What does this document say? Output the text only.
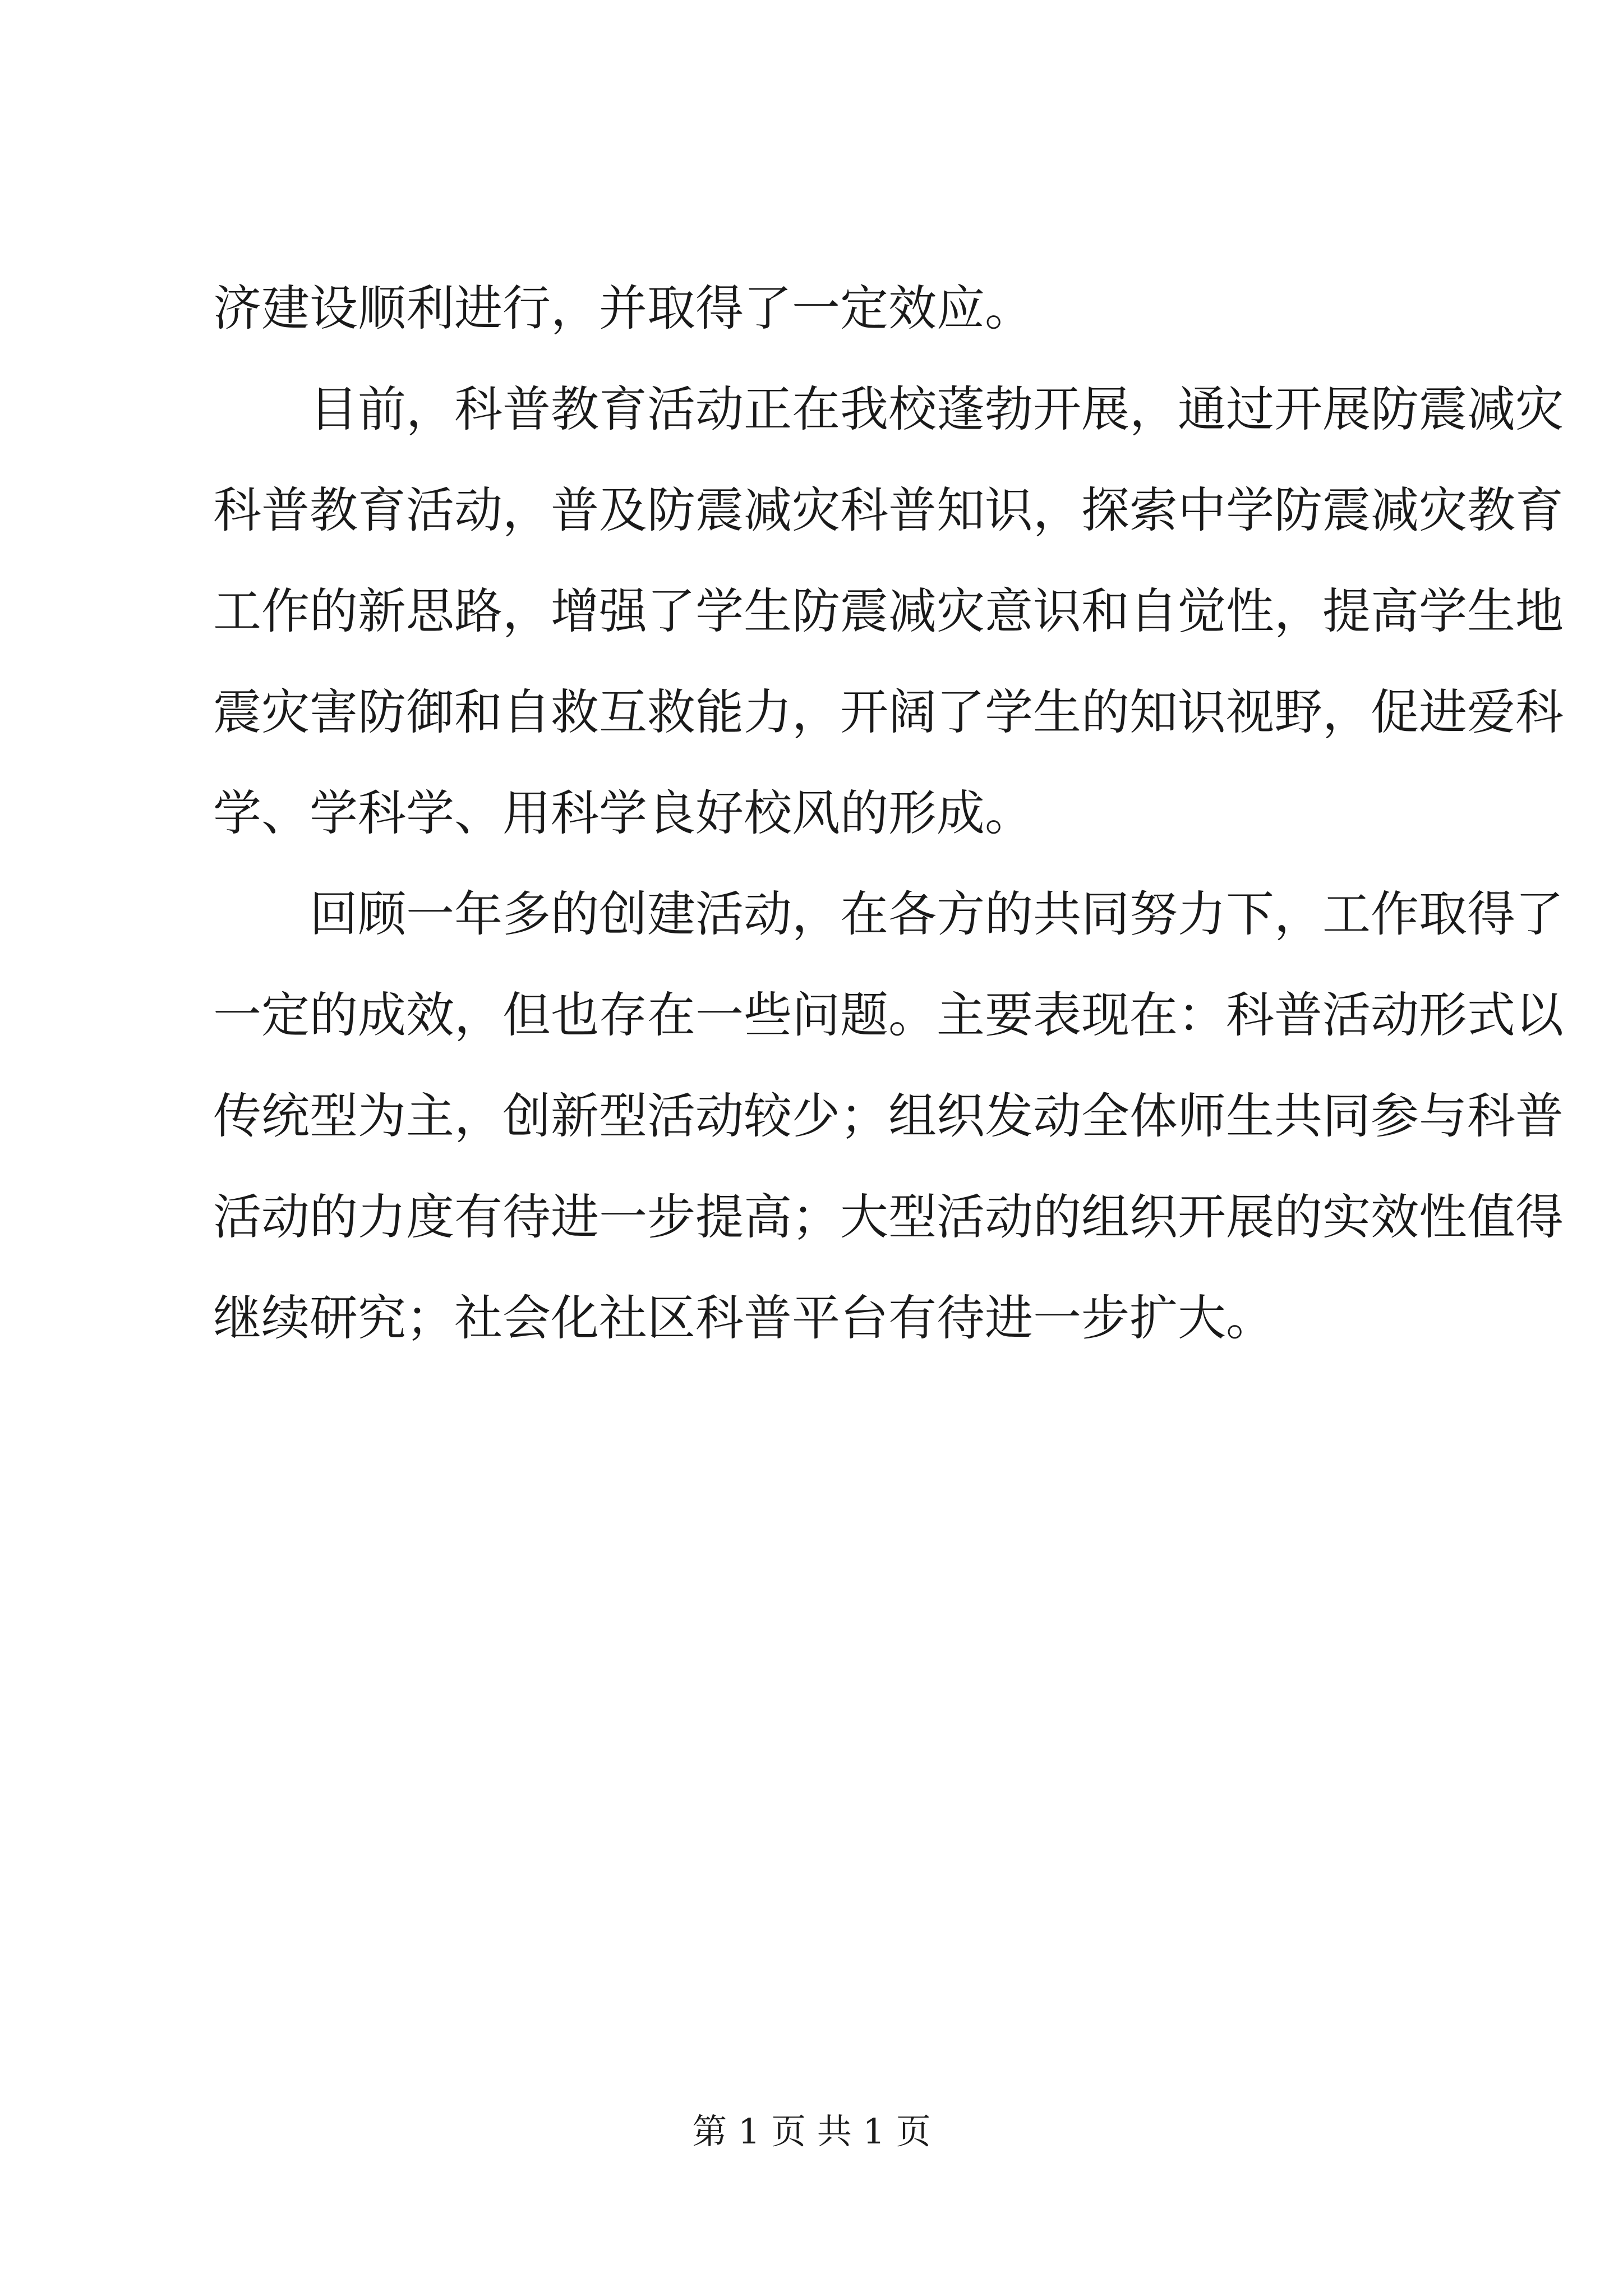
济建设顺利进行，并取得了一定效应。
目前，科普教育活动正在我校蓬勃开展，通过开展防震减灾
科普教育活动，普及防震减灾科普知识，探索中学防震减灾教育
工作的新思路，增强了学生防震减灾意识和自觉性，提高学生地
震灾害防御和自救互救能力，开阔了学生的知识视野，促进爱科
学、学科学、用科学良好校风的形成。
回顾一年多的创建活动，在各方的共同努力下，工作取得了
一定的成效，但也存在一些问题。主要表现在：科普活动形式以
传统型为主，创新型活动较少；组织发动全体师生共同参与科普
活动的力度有待进一步提高；大型活动的组织开展的实效性值得
继续研究；社会化社区科普平台有待进一步扩大。
第 1 页 共 1 页
